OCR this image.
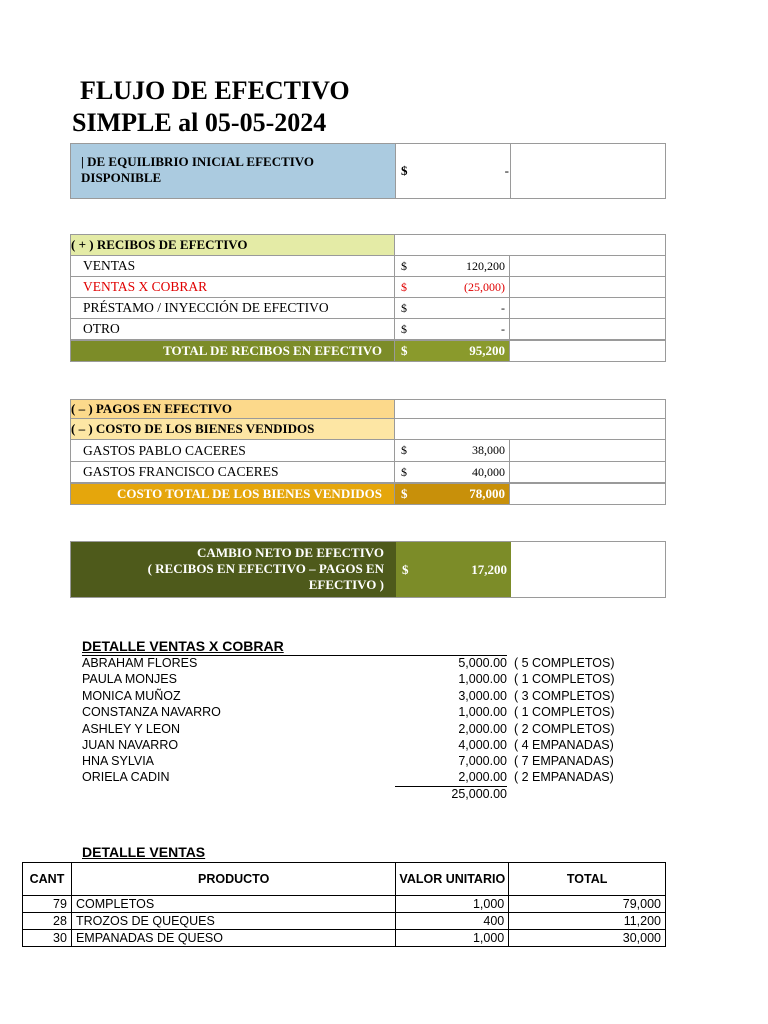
FLUJO DE EFECTIVO
SIMPLE al 05-05-2024
| DE EQUILIBRIO INICIAL EFECTIVO
DISPONIBLE	$	-
( + ) RECIBOS DE EFECTIVO
VENTAS	$	120,200
VENTAS X COBRAR	$	(25,000)
PRÉSTAMO / INYECCIÓN DE EFECTIVO	$	-
OTRO	$	-
TOTAL DE RECIBOS EN EFECTIVO	$	95,200
( – ) PAGOS EN EFECTIVO
( – ) COSTO DE LOS BIENES VENDIDOS
GASTOS PABLO CACERES	$	38,000
GASTOS FRANCISCO CACERES	$	40,000
COSTO TOTAL DE LOS BIENES VENDIDOS	$	78,000
CAMBIO NETO DE EFECTIVO
( RECIBOS EN EFECTIVO – PAGOS EN
EFECTIVO )
$	17,200
DETALLE VENTAS X COBRAR
ABRAHAM FLORES	5,000.00 ( 5 COMPLETOS)
PAULA MONJES	1,000.00 ( 1 COMPLETOS)
MONICA MUÑOZ	3,000.00 ( 3 COMPLETOS)
CONSTANZA NAVARRO	1,000.00 ( 1 COMPLETOS)
ASHLEY Y LEON	2,000.00 ( 2 COMPLETOS)
JUAN NAVARRO	4,000.00 ( 4 EMPANADAS)
HNA SYLVIA	7,000.00 ( 7 EMPANADAS)
ORIELA CADIN	2,000.00 ( 2 EMPANADAS)
25,000.00
DETALLE VENTAS
CANT	PRODUCTO	VALOR UNITARIO	TOTAL
79	COMPLETOS	1,000	79,000
28	TROZOS DE QUEQUES	400	11,200
30	EMPANADAS DE QUESO	1,000	30,000
